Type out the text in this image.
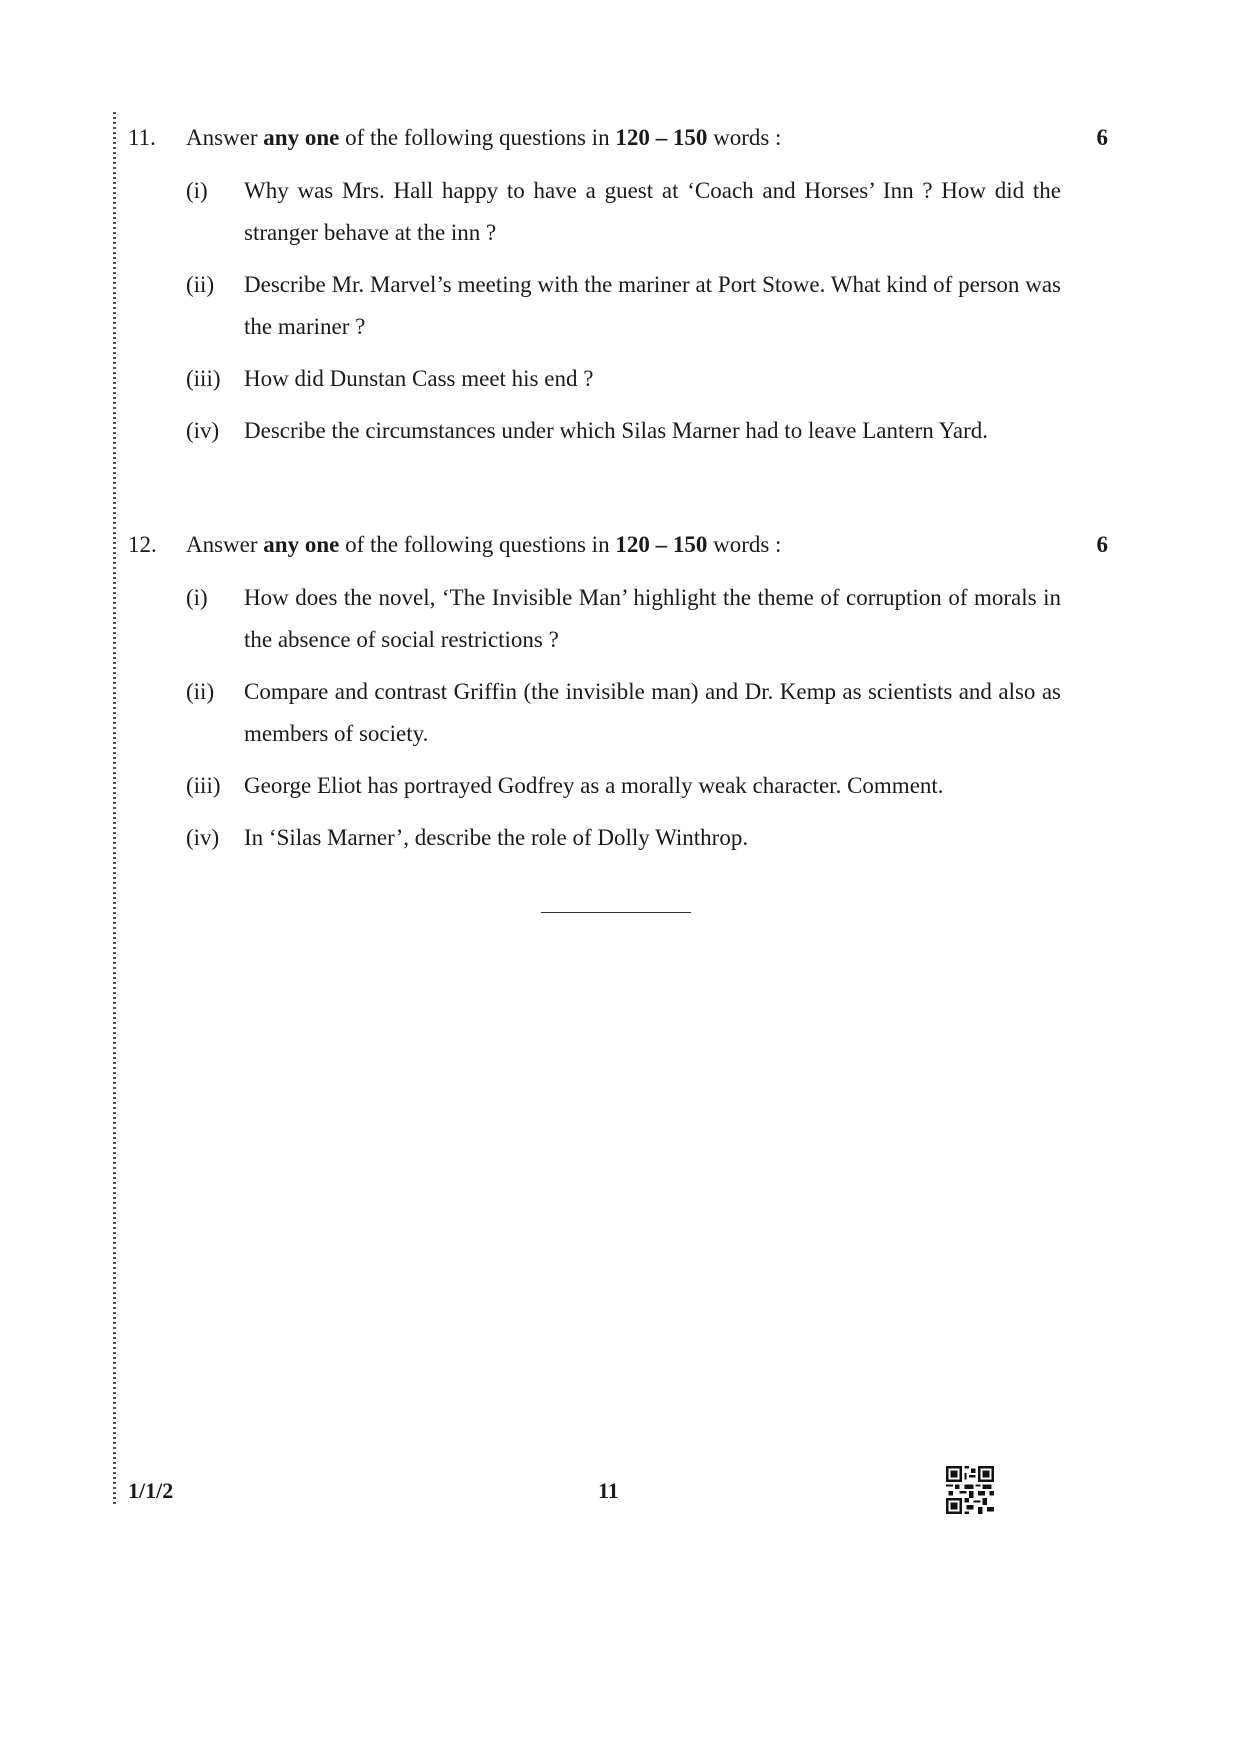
11. Answer any one of the following questions in 120 – 150 words :	6
(i) Why was Mrs. Hall happy to have a guest at ‘Coach and Horses’ Inn ? How did the stranger behave at the inn ?
(ii) Describe Mr. Marvel’s meeting with the mariner at Port Stowe. What kind of person was the mariner ?
(iii) How did Dunstan Cass meet his end ?
(iv) Describe the circumstances under which Silas Marner had to leave Lantern Yard.
12. Answer any one of the following questions in 120 – 150 words :	6
(i) How does the novel, ‘The Invisible Man’ highlight the theme of corruption of morals in the absence of social restrictions ?
(ii) Compare and contrast Griffin (the invisible man) and Dr. Kemp as scientists and also as members of society.
(iii) George Eliot has portrayed Godfrey as a morally weak character. Comment.
(iv) In ‘Silas Marner’, describe the role of Dolly Winthrop.
1/1/2	11
